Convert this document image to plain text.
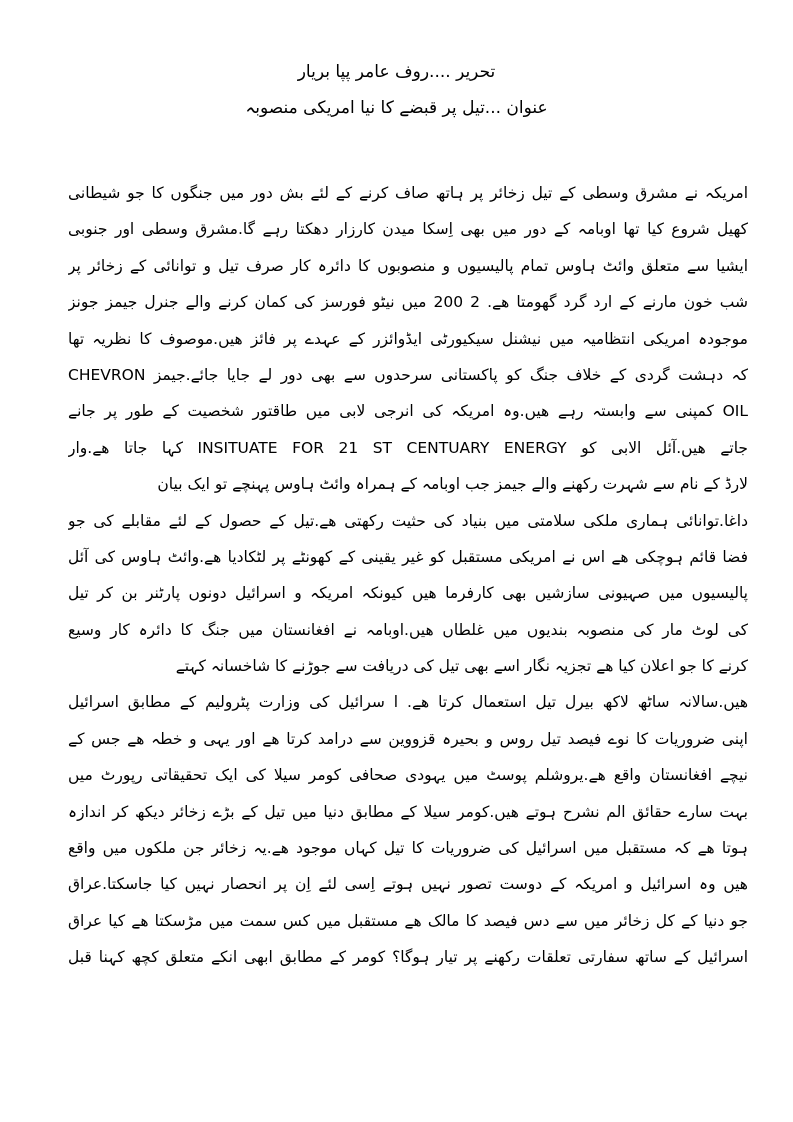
تحریر ....روف عامر پپا بریار
عنوان ...تیل پر قبضے کا نیا امریکی منصوبہ
امریکہ نے مشرق وسطی کے تیل زخائر پر ہاتھ صاف کرنے کے لئے بش دور میں جنگوں کا جو شیطانی
کھیل شروع کیا تھا اوبامہ کے دور میں بھی اِسکا میدن کارزار دھکتا رہے گا.مشرق وسطی اور جنوبی
ایشیا سے متعلق وائٹ ہاوس تمام پالیسیوں و منصوبوں کا دائرہ کار صرف تیل و توانائی کے زخائر پر
شب خون مارنے کے ارد گرد گھومتا ھے. 2 200 میں نیٹو فورسز کی کمان کرنے والے جنرل جیمز جونز
موجودہ امریکی انتظامیہ میں نیشنل سیکیورٹی ایڈوائزر کے عہدے پر فائز ھیں.موصوف کا نظریہ تھا
کہ دہشت گردی کے خلاف جنگ کو پاکستانی سرحدوں سے بھی دور لے جایا جائے.جیمز CHEVRON
OIL کمپنی سے وابستہ رہے ھیں.وہ امریکہ کی انرجی لابی میں طاقتور شخصیت کے طور پر جانے
جاتے ھیں.آئل الابی کو INSITUATE FOR 21 ST CENTUARY ENERGY کہا جاتا ھے.وار
لارڈ کے نام سے شہرت رکھنے والے جیمز جب اوبامہ کے ہمراہ وائٹ ہاوس پہنچے تو ایک بیان
داغا.توانائی ہماری ملکی سلامتی میں بنیاد کی حثیت رکھتی ھے.تیل کے حصول کے لئے مقابلے کی جو
فضا قائم ہوچکی ھے اس نے امریکی مستقبل کو غیر یقینی کے کھونٹے پر لٹکادیا ھے.وائٹ ہاوس کی آئل
پالیسیوں میں صہیونی سازشیں بھی کارفرما ھیں کیونکہ امریکہ و اسرائیل دونوں پارٹنر بن کر تیل
کی لوٹ مار کی منصوبہ بندیوں میں غلطاں ھیں.اوبامہ نے افغانستان میں جنگ کا دائرہ کار وسیع
کرنے کا جو اعلان کیا ھے تجزیہ نگار اسے بھی تیل کی دریافت سے جوڑنے کا شاخسانہ کہتے
ھیں.سالانہ ساٹھ لاکھ بیرل تیل استعمال کرتا ھے. ا سرائیل کی وزارت پٹرولیم کے مطابق اسرائیل
اپنی ضروریات کا نوے فیصد تیل روس و بحیرہ قزووین سے درامد کرتا ھے اور یہی و خطہ ھے جس کے
نیچے افغانستان واقع ھے.یروشلم پوسٹ میں یہودی صحافی کومر سیلا کی ایک تحقیقاتی رپورٹ میں
بہت سارے حقائق الم نشرح ہوتے ھیں.کومر سیلا کے مطابق دنیا میں تیل کے بڑے زخائر دیکھ کر اندازہ
ہوتا ھے کہ مستقبل میں اسرائیل کی ضروریات کا تیل کہاں موجود ھے.یہ زخائر جن ملکوں میں واقع
ھیں وہ اسرائیل و امریکہ کے دوست تصور نہیں ہوتے اِسی لئے اِن پر انحصار نہیں کیا جاسکتا.عراق
جو دنیا کے کل زخائر میں سے دس فیصد کا مالک ھے مستقبل میں کس سمت میں مڑسکتا ھے کیا عراق
اسرائیل کے ساتھ سفارتی تعلقات رکھنے پر تیار ہوگا؟ کومر کے مطابق ابھی انکے متعلق کچھ کہنا قبل
